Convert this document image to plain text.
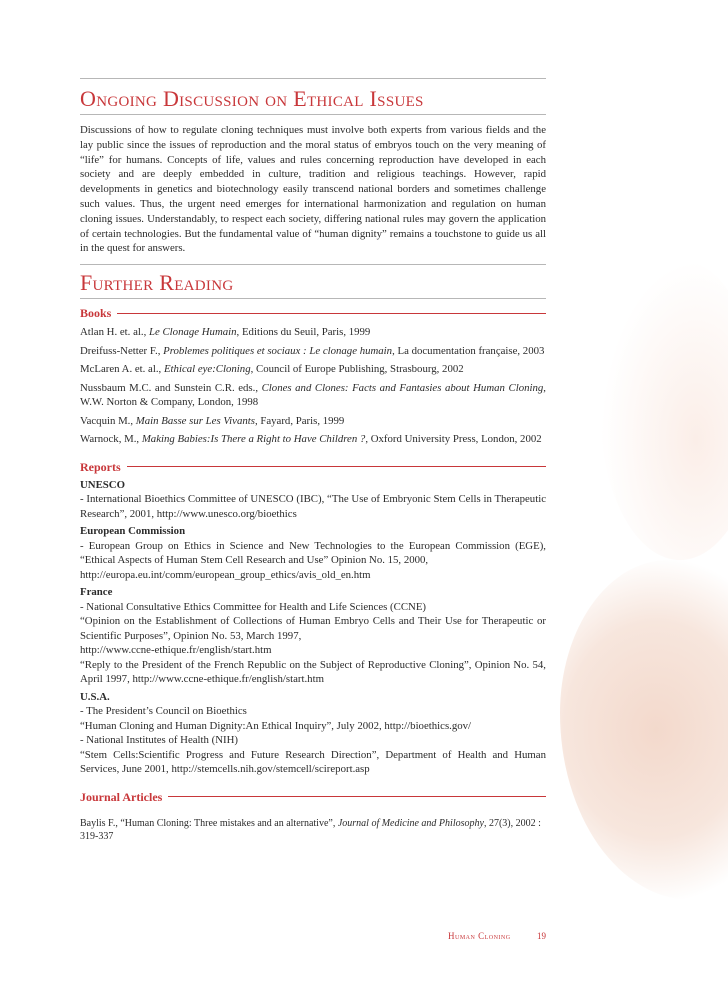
Ongoing Discussion on Ethical Issues

Discussions of how to regulate cloning techniques must involve both experts from various fields and the lay public since the issues of reproduction and the moral status of embryos touch on the very meaning of “life” for humans. Concepts of life, values and rules concerning reproduction have developed in each society and are deeply embedded in culture, tradition and religious teachings. However, rapid developments in genetics and biotechnology easily transcend national borders and sometimes challenge such values. Thus, the urgent need emerges for international harmonization and regulation on human cloning issues. Understandably, to respect each society, differing national rules may govern the application of certain technologies. But the fundamental value of “human dignity” remains a touchstone to guide us all in the quest for answers.

Further Reading
Books
Atlan H. et. al., Le Clonage Humain, Editions du Seuil, Paris, 1999
Dreifuss-Netter F., Problemes politiques et sociaux : Le clonage humain, La documentation française, 2003
McLaren A. et. al., Ethical eye:Cloning, Council of Europe Publishing, Strasbourg, 2002
Nussbaum M.C. and Sunstein C.R. eds., Clones and Clones: Facts and Fantasies about Human Cloning, W.W. Norton & Company, London, 1998
Vacquin M., Main Basse sur Les Vivants, Fayard, Paris, 1999
Warnock, M., Making Babies:Is There a Right to Have Children ?, Oxford University Press, London, 2002
Reports
UNESCO
- International Bioethics Committee of UNESCO (IBC), “The Use of Embryonic Stem Cells in Therapeutic Research”, 2001, http://www.unesco.org/bioethics
European Commission
- European Group on Ethics in Science and New Technologies to the European Commission (EGE), “Ethical Aspects of Human Stem Cell Research and Use” Opinion No. 15, 2000,
http://europa.eu.int/comm/european_group_ethics/avis_old_en.htm
France
- National Consultative Ethics Committee for Health and Life Sciences (CCNE)
“Opinion on the Establishment of Collections of Human Embryo Cells and Their Use for Therapeutic or Scientific Purposes”, Opinion No. 53, March 1997,
http://www.ccne-ethique.fr/english/start.htm
“Reply to the President of the French Republic on the Subject of Reproductive Cloning”, Opinion No. 54, April 1997, http://www.ccne-ethique.fr/english/start.htm
U.S.A.
- The President’s Council on Bioethics
“Human Cloning and Human Dignity:An Ethical Inquiry”, July 2002, http://bioethics.gov/
- National Institutes of Health (NIH)
“Stem Cells:Scientific Progress and Future Research Direction”, Department of Health and Human Services, June 2001, http://stemcells.nih.gov/stemcell/scireport.asp
Journal Articles
Baylis F., “Human Cloning: Three mistakes and an alternative”, Journal of Medicine and Philosophy, 27(3), 2002 : 319-337
Human Cloning	19
